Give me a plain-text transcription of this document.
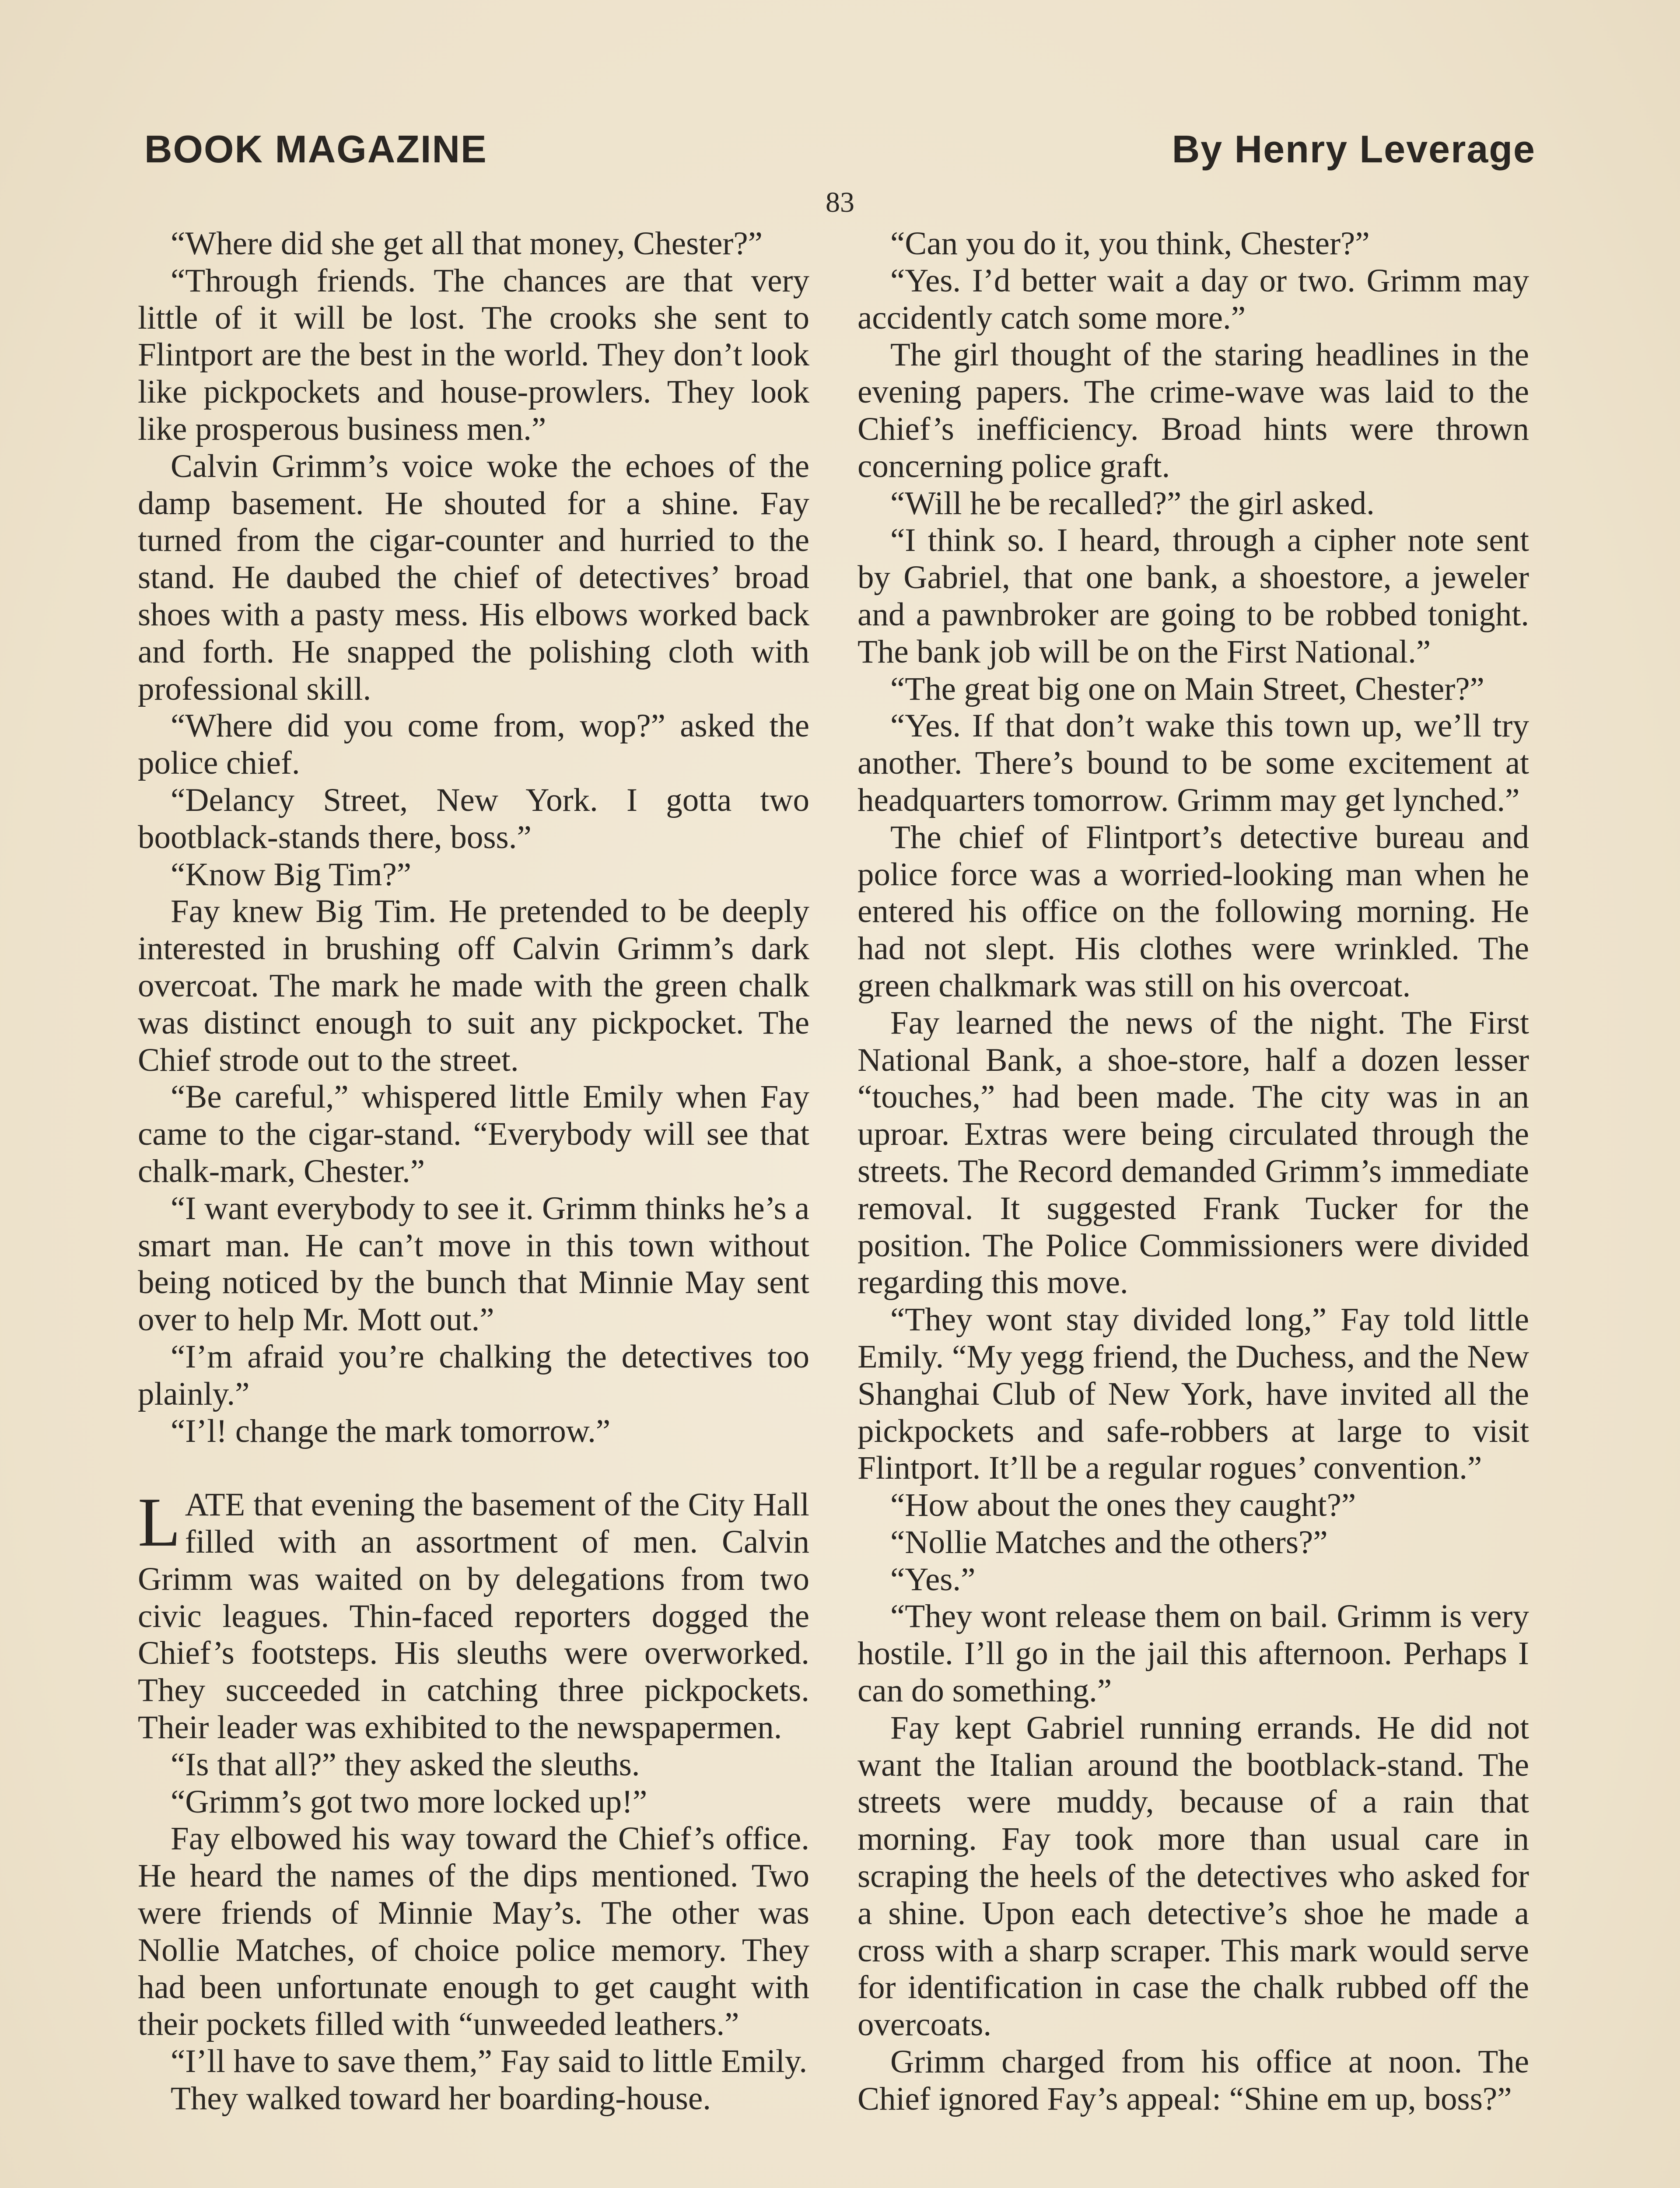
BOOK MAGAZINE	By Henry Leverage
83

“Where did she get all that money, Chester?”

“Through friends. The chances are that very little of it will be lost. The crooks she sent to Flintport are the best in the world. They don’t look like pickpockets and house-prowlers. They look like prosperous business men.”

Calvin Grimm’s voice woke the echoes of the damp basement. He shouted for a shine. Fay turned from the cigar-counter and hurried to the stand. He daubed the chief of detectives’ broad shoes with a pasty mess. His elbows worked back and forth. He snapped the polishing cloth with professional skill.

“Where did you come from, wop?” asked the police chief.

“Delancy Street, New York. I gotta two bootblack-stands there, boss.”

“Know Big Tim?”

Fay knew Big Tim. He pretended to be deeply interested in brushing off Calvin Grimm’s dark overcoat. The mark he made with the green chalk was distinct enough to suit any pickpocket. The Chief strode out to the street.

“Be careful,” whispered little Emily when Fay came to the cigar-stand. “Everybody will see that chalk-mark, Chester.”

“I want everybody to see it. Grimm thinks he’s a smart man. He can’t move in this town without being noticed by the bunch that Minnie May sent over to help Mr. Mott out.”

“I’m afraid you’re chalking the detectives too plainly.”

“I’l! change the mark tomorrow.”

LATE that evening the basement of the City Hall filled with an assortment of men. Calvin Grimm was waited on by delegations from two civic leagues. Thin-faced reporters dogged the Chief’s footsteps. His sleuths were overworked. They succeeded in catching three pickpockets. Their leader was exhibited to the newspapermen.

“Is that all?” they asked the sleuths.

“Grimm’s got two more locked up!”

Fay elbowed his way toward the Chief’s office. He heard the names of the dips mentioned. Two were friends of Minnie May’s. The other was Nollie Matches, of choice police memory. They had been unfortunate enough to get caught with their pockets filled with “unweeded leathers.”

“I’ll have to save them,” Fay said to little Emily.

They walked toward her boarding-house.

“Can you do it, you think, Chester?”

“Yes. I’d better wait a day or two. Grimm may accidently catch some more.”

The girl thought of the staring headlines in the evening papers. The crime-wave was laid to the Chief’s inefficiency. Broad hints were thrown concerning police graft.

“Will he be recalled?” the girl asked.

“I think so. I heard, through a cipher note sent by Gabriel, that one bank, a shoestore, a jeweler and a pawnbroker are going to be robbed tonight. The bank job will be on the First National.”

“The great big one on Main Street, Chester?”

“Yes. If that don’t wake this town up, we’ll try another. There’s bound to be some excitement at headquarters tomorrow. Grimm may get lynched.”

The chief of Flintport’s detective bureau and police force was a worried-looking man when he entered his office on the following morning. He had not slept. His clothes were wrinkled. The green chalkmark was still on his overcoat.

Fay learned the news of the night. The First National Bank, a shoe-store, half a dozen lesser “touches,” had been made. The city was in an uproar. Extras were being circulated through the streets. The Record demanded Grimm’s immediate removal. It suggested Frank Tucker for the position. The Police Commissioners were divided regarding this move.

“They wont stay divided long,” Fay told little Emily. “My yegg friend, the Duchess, and the New Shanghai Club of New York, have invited all the pickpockets and safe-robbers at large to visit Flintport. It’ll be a regular rogues’ convention.”

“How about the ones they caught?”

“Nollie Matches and the others?”

“Yes.”

“They wont release them on bail. Grimm is very hostile. I’ll go in the jail this afternoon. Perhaps I can do something.”

Fay kept Gabriel running errands. He did not want the Italian around the bootblack-stand. The streets were muddy, because of a rain that morning. Fay took more than usual care in scraping the heels of the detectives who asked for a shine. Upon each detective’s shoe he made a cross with a sharp scraper. This mark would serve for identification in case the chalk rubbed off the overcoats.

Grimm charged from his office at noon. The Chief ignored Fay’s appeal: “Shine em up, boss?”
